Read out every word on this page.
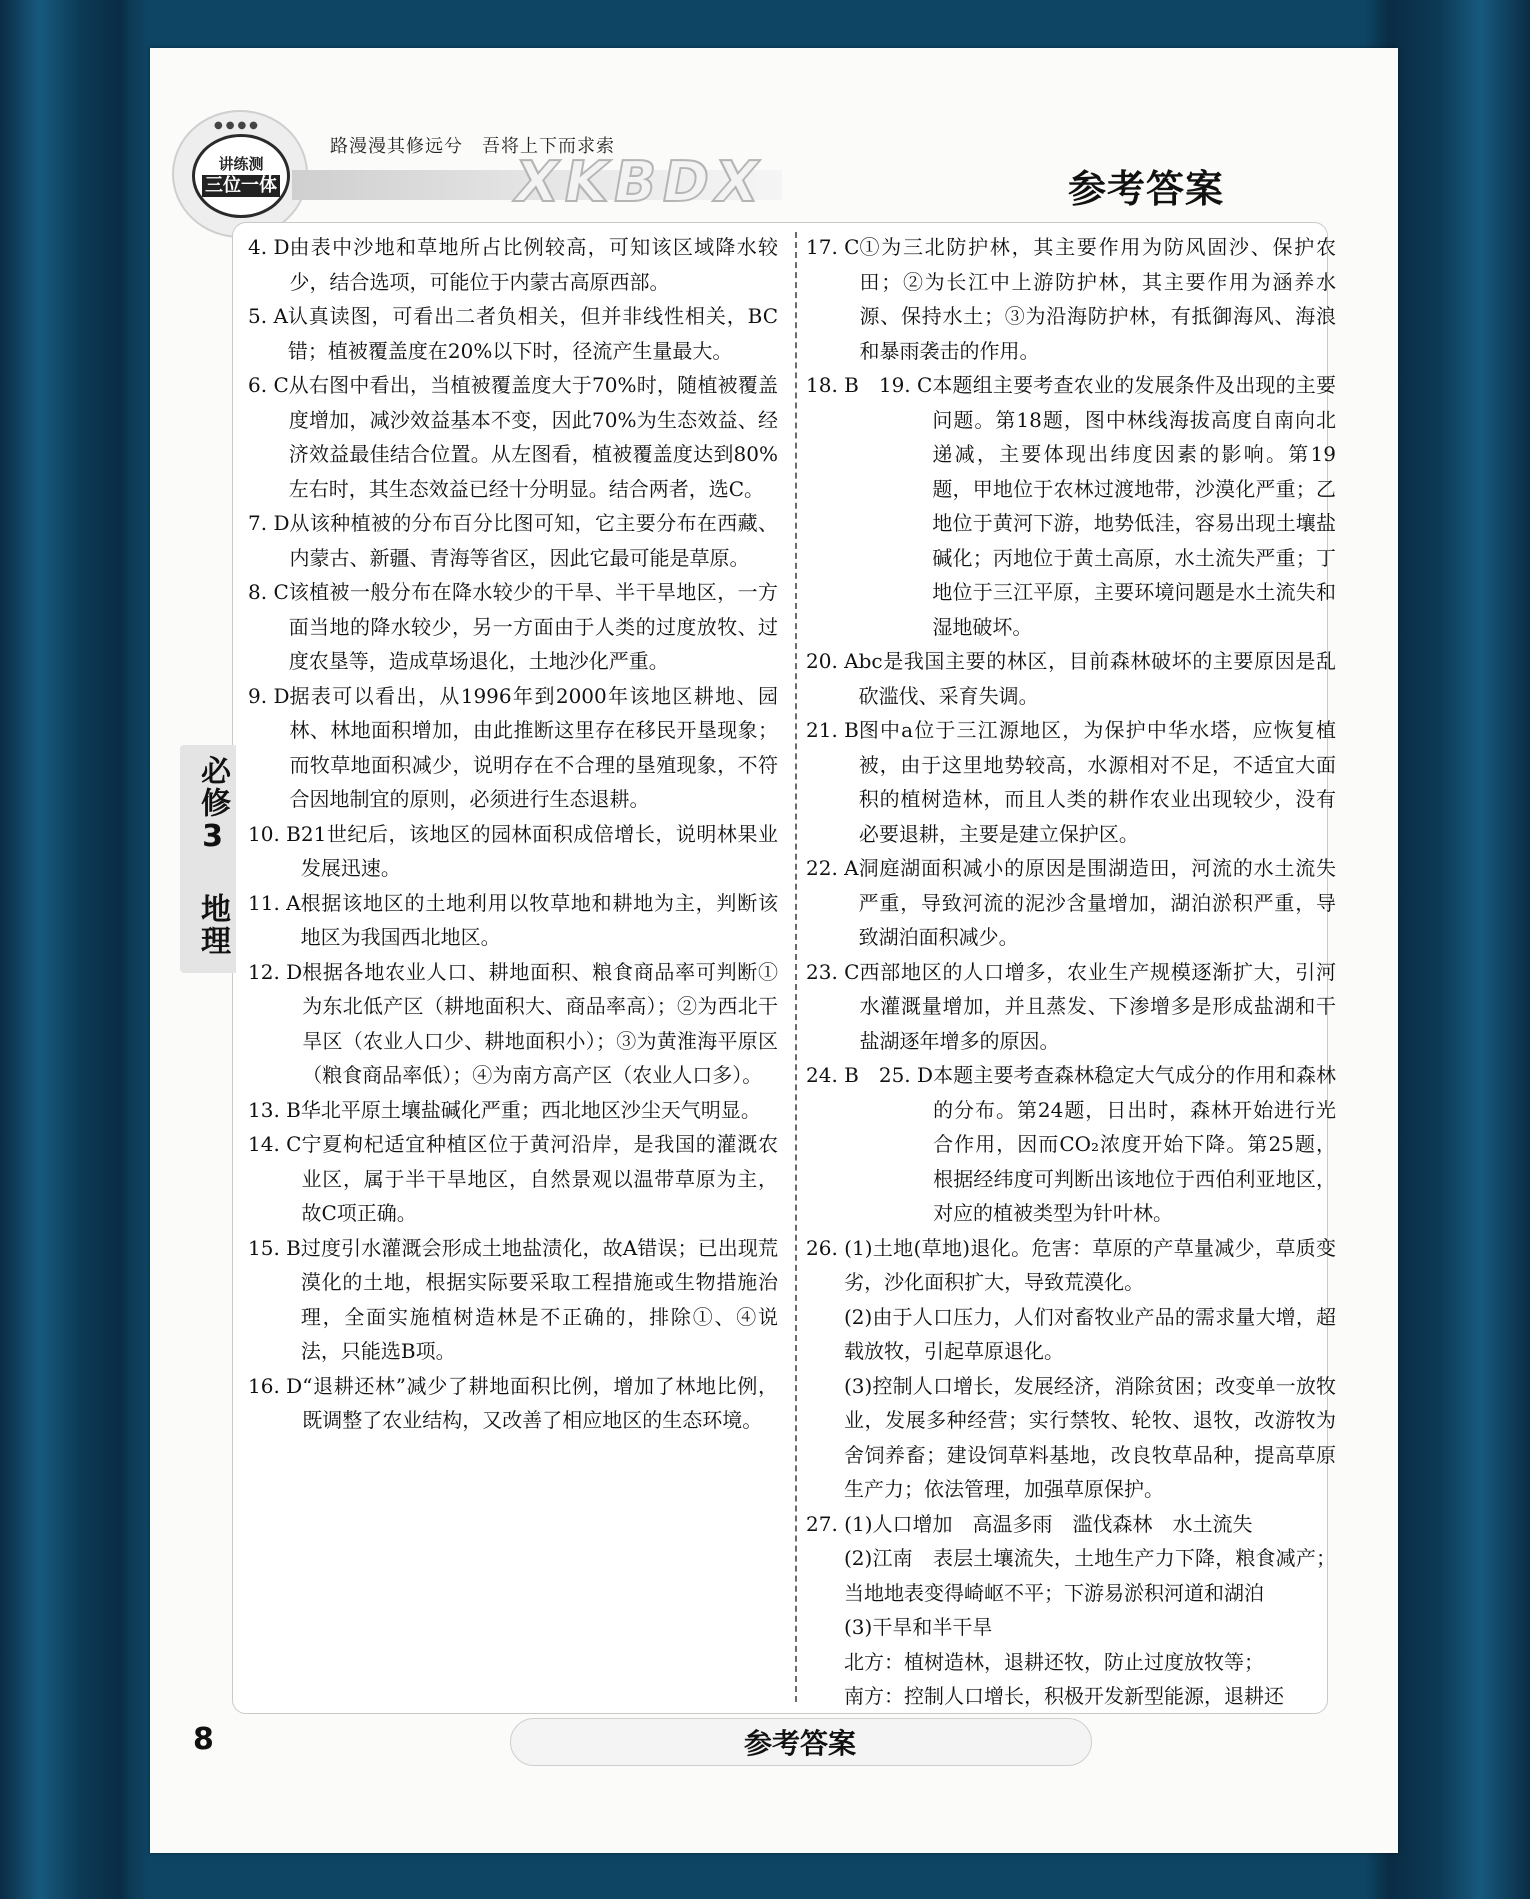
●●●●
讲练测
三位一体
路漫漫其修远兮　吾将上下而求索
XKBDX	参考答案
必修3 地理
4. D 由表中沙地和草地所占比例较高，可知该区域降水较少，结合选项，可能位于内蒙古高原西部。
5. A 认真读图，可看出二者负相关，但并非线性相关，BC错；植被覆盖度在20%以下时，径流产生量最大。
6. C 从右图中看出，当植被覆盖度大于70%时，随植被覆盖度增加，减沙效益基本不变，因此70%为生态效益、经济效益最佳结合位置。从左图看，植被覆盖度达到80%左右时，其生态效益已经十分明显。结合两者，选C。
7. D 从该种植被的分布百分比图可知，它主要分布在西藏、内蒙古、新疆、青海等省区，因此它最可能是草原。
8. C 该植被一般分布在降水较少的干旱、半干旱地区，一方面当地的降水较少，另一方面由于人类的过度放牧、过度农垦等，造成草场退化，土地沙化严重。
9. D 据表可以看出，从1996年到2000年该地区耕地、园林、林地面积增加，由此推断这里存在移民开垦现象；而牧草地面积减少，说明存在不合理的垦殖现象，不符合因地制宜的原则，必须进行生态退耕。
10. B 21世纪后，该地区的园林面积成倍增长，说明林果业发展迅速。
11. A 根据该地区的土地利用以牧草地和耕地为主，判断该地区为我国西北地区。
12. D 根据各地农业人口、耕地面积、粮食商品率可判断①为东北低产区（耕地面积大、商品率高）；②为西北干旱区（农业人口少、耕地面积小）；③为黄淮海平原区（粮食商品率低）；④为南方高产区（农业人口多）。
13. B 华北平原土壤盐碱化严重；西北地区沙尘天气明显。
14. C 宁夏枸杞适宜种植区位于黄河沿岸，是我国的灌溉农业区，属于半干旱地区，自然景观以温带草原为主，故C项正确。
15. B 过度引水灌溉会形成土地盐渍化，故A错误；已出现荒漠化的土地，根据实际要采取工程措施或生物措施治理，全面实施植树造林是不正确的，排除①、④说法，只能选B项。
16. D “退耕还林”减少了耕地面积比例，增加了林地比例，既调整了农业结构，又改善了相应地区的生态环境。
17. C ①为三北防护林，其主要作用为防风固沙、保护农田；②为长江中上游防护林，其主要作用为涵养水源、保持水土；③为沿海防护林，有抵御海风、海浪和暴雨袭击的作用。
18. B　19. C 本题组主要考查农业的发展条件及出现的主要问题。第18题，图中林线海拔高度自南向北递减，主要体现出纬度因素的影响。第19题，甲地位于农林过渡地带，沙漠化严重；乙地位于黄河下游，地势低洼，容易出现土壤盐碱化；丙地位于黄土高原，水土流失严重；丁地位于三江平原，主要环境问题是水土流失和湿地破坏。
20. A bc是我国主要的林区，目前森林破坏的主要原因是乱砍滥伐、采育失调。
21. B 图中a位于三江源地区，为保护中华水塔，应恢复植被，由于这里地势较高，水源相对不足，不适宜大面积的植树造林，而且人类的耕作农业出现较少，没有必要退耕，主要是建立保护区。
22. A 洞庭湖面积减小的原因是围湖造田，河流的水土流失严重，导致河流的泥沙含量增加，湖泊淤积严重，导致湖泊面积减少。
23. C 西部地区的人口增多，农业生产规模逐渐扩大，引河水灌溉量增加，并且蒸发、下渗增多是形成盐湖和干盐湖逐年增多的原因。
24. B　25. D 本题主要考查森林稳定大气成分的作用和森林的分布。第24题，日出时，森林开始进行光合作用，因而CO₂浓度开始下降。第25题，根据经纬度可判断出该地位于西伯利亚地区，对应的植被类型为针叶林。
26. (1)土地(草地)退化。危害：草原的产草量减少，草质变劣，沙化面积扩大，导致荒漠化。
(2)由于人口压力，人们对畜牧业产品的需求量大增，超载放牧，引起草原退化。
(3)控制人口增长，发展经济，消除贫困；改变单一放牧业，发展多种经营；实行禁牧、轮牧、退牧，改游牧为舍饲养畜；建设饲草料基地，改良牧草品种，提高草原生产力；依法管理，加强草原保护。
27. (1)人口增加　高温多雨　滥伐森林　水土流失
(2)江南　表层土壤流失，土地生产力下降，粮食减产；当地地表变得崎岖不平；下游易淤积河道和湖泊
(3)干旱和半干旱
北方：植树造林，退耕还牧，防止过度放牧等；
南方：控制人口增长，积极开发新型能源，退耕还
8	参考答案
